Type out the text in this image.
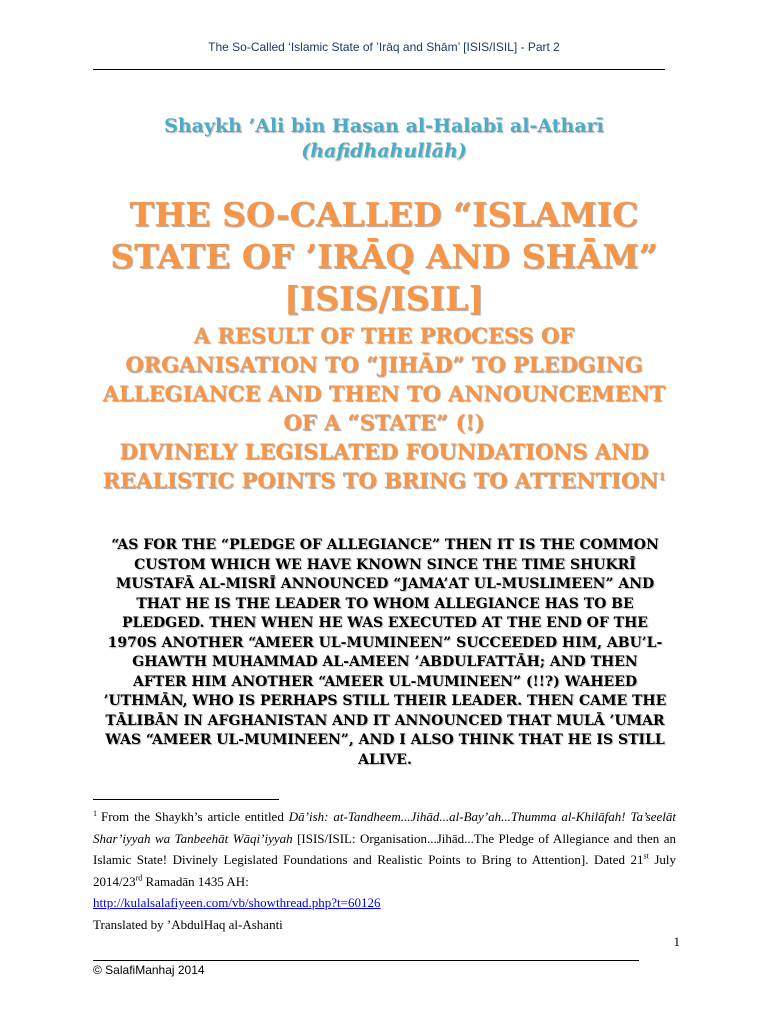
The So-Called ‘Islamic State of ’Irāq and Shām’ [ISIS/ISIL] - Part 2
Shaykh ’Ali bin Hasan al-Halabī al-Atharī
(hafidhahullāh)
THE SO-CALLED “ISLAMIC
STATE OF ’IRĀQ AND SHĀM”
[ISIS/ISIL]
A RESULT OF THE PROCESS OF
ORGANISATION TO “JIHĀD” TO PLEDGING
ALLEGIANCE AND THEN TO ANNOUNCEMENT
OF A “STATE” (!)
DIVINELY LEGISLATED FOUNDATIONS AND
REALISTIC POINTS TO BRING TO ATTENTION$^1$
“AS FOR THE “PLEDGE OF ALLEGIANCE” THEN IT IS THE COMMON
CUSTOM WHICH WE HAVE KNOWN SINCE THE TIME SHUKRĪ
MUSTAFĀ AL-MISRĪ ANNOUNCED “JAMA’AT UL-MUSLIMEEN” AND
THAT HE IS THE LEADER TO WHOM ALLEGIANCE HAS TO BE
PLEDGED. THEN WHEN HE WAS EXECUTED AT THE END OF THE
1970S ANOTHER “AMEER UL-MUMINEEN” SUCCEEDED HIM, ABU’L-
GHAWTH MUHAMMAD AL-AMEEN ’ABDULFATTĀH; AND THEN
AFTER HIM ANOTHER “AMEER UL-MUMINEEN” (!!?) WAHEED
’UTHMĀN, WHO IS PERHAPS STILL THEIR LEADER. THEN CAME THE
TĀLIBĀN IN AFGHANISTAN AND IT ANNOUNCED THAT MULĀ ’UMAR
WAS “AMEER UL-MUMINEEN”, AND I ALSO THINK THAT HE IS STILL
ALIVE.
$^1$ From the Shaykh’s article entitled Dā’ish: at-Tandheem...Jihād...al-Bay’ah...Thumma al-Khilāfah! Ta’seelāt Shar’iyyah wa Tanbeehāt Wāqi’iyyah [ISIS/ISIL: Organisation...Jihād...The Pledge of Allegiance and then an Islamic State! Divinely Legislated Foundations and Realistic Points to Bring to Attention]. Dated 21st July 2014/23rd Ramadān 1435 AH:
http://kulalsalafiyeen.com/vb/showthread.php?t=60126
Translated by ’AbdulHaq al-Ashanti
1
© SalafiManhaj 2014
